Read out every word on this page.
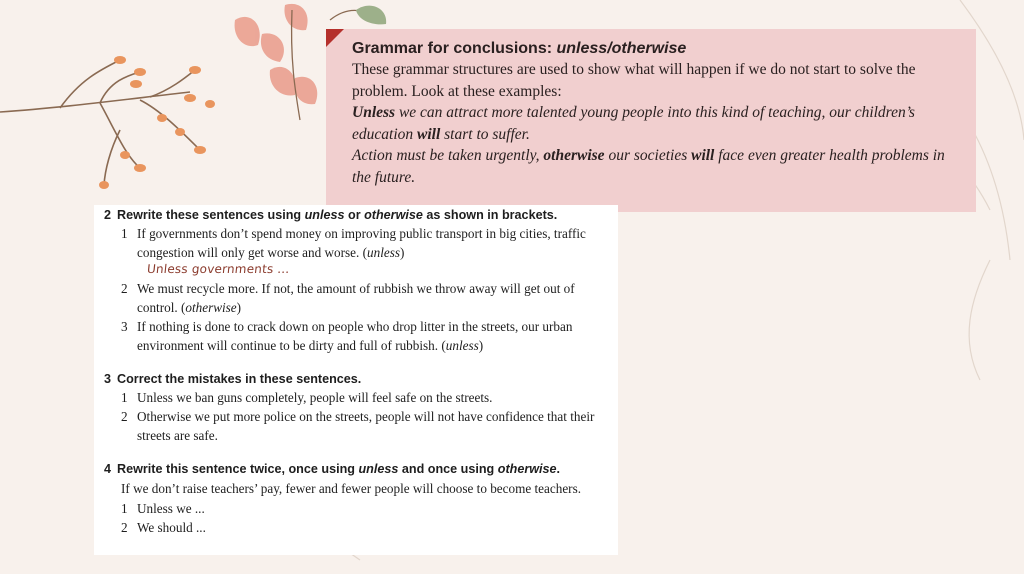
Grammar for conclusions: unless/otherwise

These grammar structures are used to show what will happen if we do not start to solve the problem. Look at these examples:

Unless we can attract more talented young people into this kind of teaching, our children’s education will start to suffer.

Action must be taken urgently, otherwise our societies will face even greater health problems in the future.

2 Rewrite these sentences using unless or otherwise as shown in brackets.

1 If governments don’t spend money on improving public transport in big cities, traffic congestion will only get worse and worse. (unless)
Unless governments ...
2 We must recycle more. If not, the amount of rubbish we throw away will get out of control. (otherwise)
3 If nothing is done to crack down on people who drop litter in the streets, our urban environment will continue to be dirty and full of rubbish. (unless)

3 Correct the mistakes in these sentences.

1 Unless we ban guns completely, people will feel safe on the streets.
2 Otherwise we put more police on the streets, people will not have confidence that their streets are safe.

4 Rewrite this sentence twice, once using unless and once using otherwise.

If we don’t raise teachers’ pay, fewer and fewer people will choose to become teachers.
1 Unless we ...
2 We should ...
